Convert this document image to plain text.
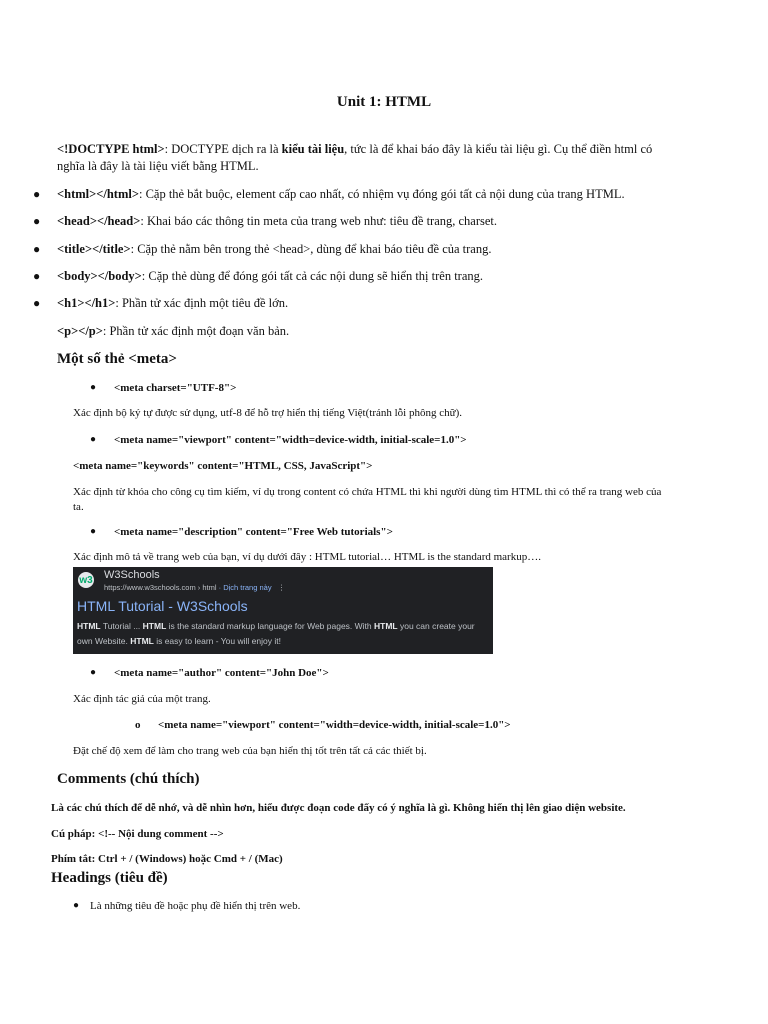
Unit 1: HTML
<!DOCTYPE html>: DOCTYPE dịch ra là kiểu tài liệu, tức là để khai báo đây là kiểu tài liệu gì. Cụ thể điền html có
nghĩa là đây là tài liệu viết bằng HTML.
● <html></html>: Cặp thẻ bắt buộc, element cấp cao nhất, có nhiệm vụ đóng gói tất cả nội dung của trang HTML.
● <head></head>: Khai báo các thông tin meta của trang web như: tiêu đề trang, charset.
● <title></title>: Cặp thẻ nằm bên trong thẻ <head>, dùng để khai báo tiêu đề của trang.
● <body></body>: Cặp thẻ dùng để đóng gói tất cả các nội dung sẽ hiển thị trên trang.
● <h1></h1>: Phần tử xác định một tiêu đề lớn.
<p></p>: Phần tử xác định một đoạn văn bản.
Một số thẻ <meta>
● <meta charset="UTF-8">
Xác định bộ ký tự được sử dụng, utf-8 để hỗ trợ hiển thị tiếng Việt(tránh lỗi phông chữ).
● <meta name="viewport" content="width=device-width, initial-scale=1.0">
<meta name="keywords" content="HTML, CSS, JavaScript">
Xác định từ khóa cho công cụ tìm kiếm, ví dụ trong content có chứa HTML thì khi người dùng tìm HTML thì có thể ra trang web của
ta.
● <meta name="description" content="Free Web tutorials">
Xác định mô tả về trang web của bạn, ví dụ dưới đây : HTML tutorial… HTML is the standard markup….
w3 W3Schools
https://www.w3schools.com › html · Dịch trang này ⋮
HTML Tutorial - W3Schools
HTML Tutorial ... HTML is the standard markup language for Web pages. With HTML you can create your own Website. HTML is easy to learn - You will enjoy it!
● <meta name="author" content="John Doe">
Xác định tác giả của một trang.
o <meta name="viewport" content="width=device-width, initial-scale=1.0">
Đặt chế độ xem để làm cho trang web của bạn hiển thị tốt trên tất cả các thiết bị.
Comments (chú thích)
Là các chú thích để dễ nhớ, và dễ nhìn hơn, hiểu được đoạn code đấy có ý nghĩa là gì. Không hiển thị lên giao diện website.
Cú pháp: <!-- Nội dung comment -->
Phím tắt: Ctrl + / (Windows) hoặc Cmd + / (Mac)
Headings (tiêu đề)
● Là những tiêu đề hoặc phụ đề hiển thị trên web.
